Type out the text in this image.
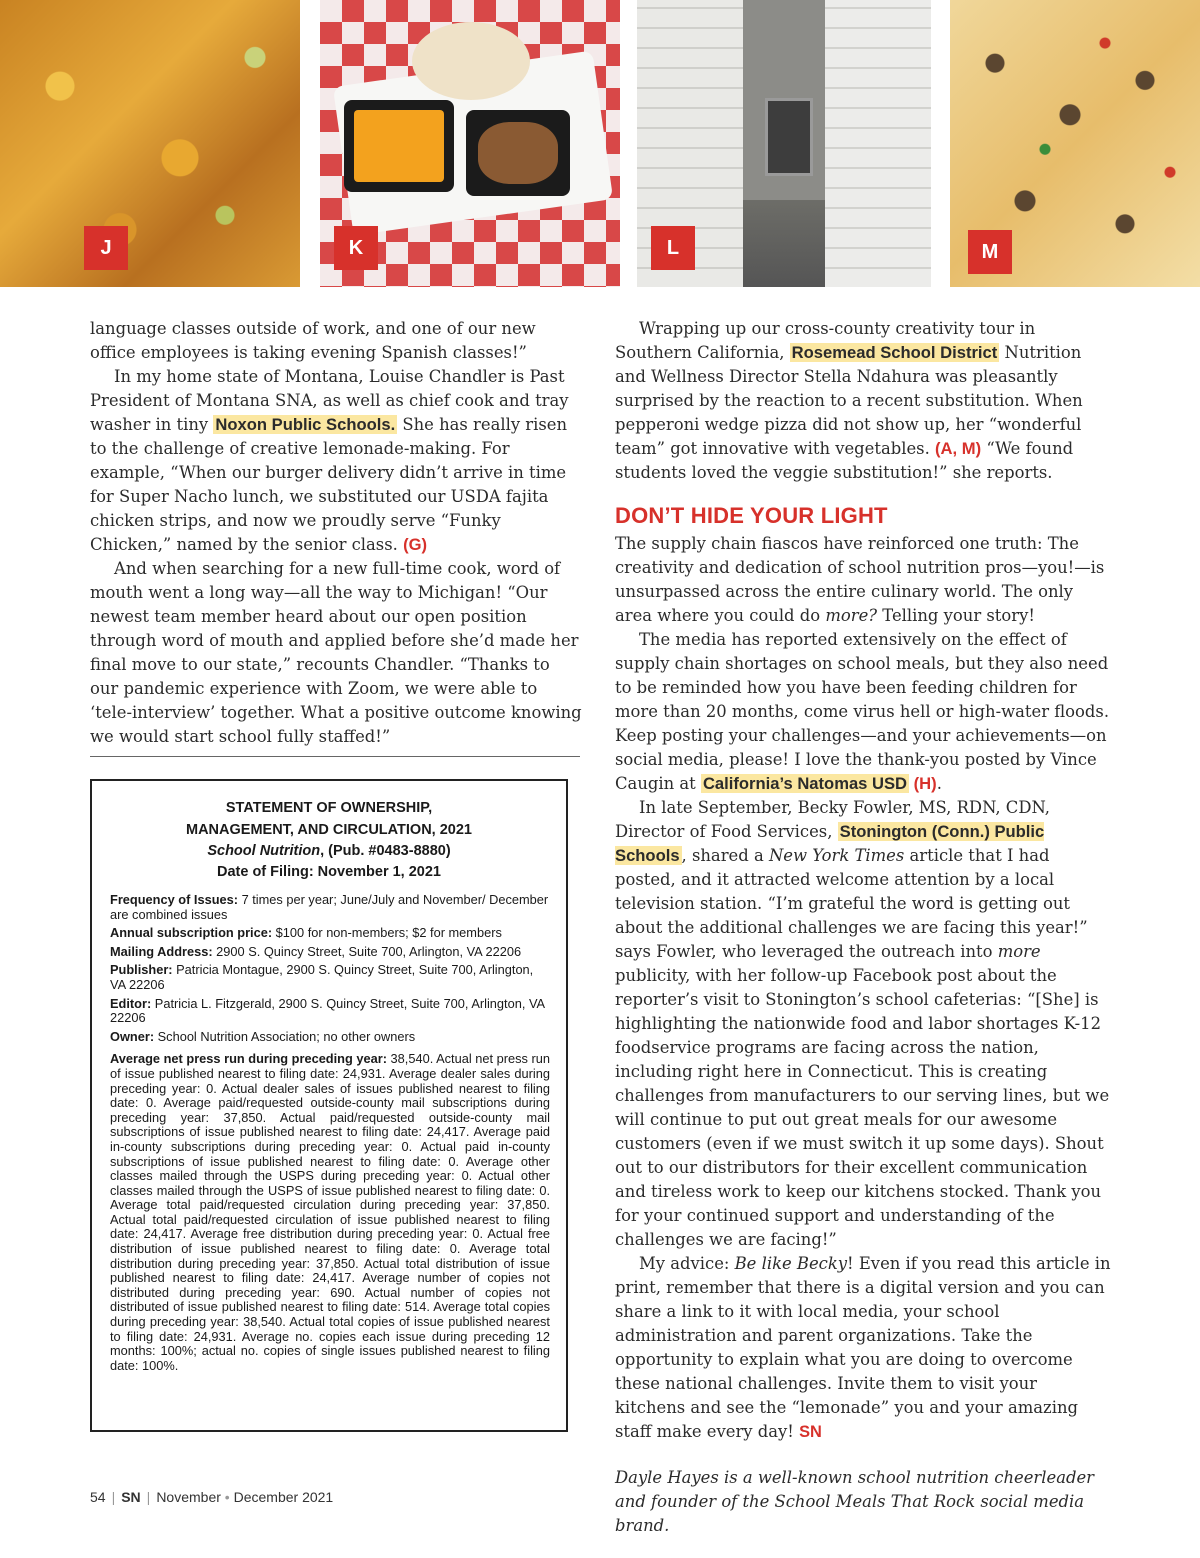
J	K	L	M

language classes outside of work, and one of our new office employees is taking evening Spanish classes!”

In my home state of Montana, Louise Chandler is Past President of Montana SNA, as well as chief cook and tray washer in tiny Noxon Public Schools. She has really risen to the challenge of creative lemonade-making. For example, “When our burger delivery didn’t arrive in time for Super Nacho lunch, we substituted our USDA fajita chicken strips, and now we proudly serve “Funky Chicken,” named by the senior class. (G)

And when searching for a new full-time cook, word of mouth went a long way—all the way to Michigan! “Our newest team member heard about our open position through word of mouth and applied before she’d made her final move to our state,” recounts Chandler. “Thanks to our pandemic experience with Zoom, we were able to ‘tele-interview’ together. What a positive outcome knowing we would start school fully staffed!”

STATEMENT OF OWNERSHIP,
MANAGEMENT, AND CIRCULATION, 2021
School Nutrition, (Pub. #0483-8880)
Date of Filing: November 1, 2021

Frequency of Issues: 7 times per year; June/July and November/ December are combined issues

Annual subscription price: $100 for non-members; $2 for members

Mailing Address: 2900 S. Quincy Street, Suite 700, Arlington, VA 22206

Publisher: Patricia Montague, 2900 S. Quincy Street, Suite 700, Arlington, VA 22206

Editor: Patricia L. Fitzgerald, 2900 S. Quincy Street, Suite 700, Arlington, VA 22206

Owner: School Nutrition Association; no other owners

Average net press run during preceding year: 38,540. Actual net press run of issue published nearest to filing date: 24,931. Average dealer sales during preceding year: 0. Actual dealer sales of issues published nearest to filing date: 0. Average paid/requested outside-county mail subscriptions during preceding year: 37,850. Actual paid/requested outside-county mail subscriptions of issue published nearest to filing date: 24,417. Average paid in-county subscriptions during preceding year: 0. Actual paid in-county subscriptions of issue published nearest to filing date: 0. Average other classes mailed through the USPS during preceding year: 0. Actual other classes mailed through the USPS of issue published nearest to filing date: 0. Average total paid/requested circulation during preceding year: 37,850. Actual total paid/requested circulation of issue published nearest to filing date: 24,417. Average free distribution during preceding year: 0. Actual free distribution of issue published nearest to filing date: 0. Average total distribution during preceding year: 37,850. Actual total distribution of issue published nearest to filing date: 24,417. Average number of copies not distributed during preceding year: 690. Actual number of copies not distributed of issue published nearest to filing date: 514. Average total copies during preceding year: 38,540. Actual total copies of issue published nearest to filing date: 24,931. Average no. copies each issue during preceding 12 months: 100%; actual no. copies of single issues published nearest to filing date: 100%.

Wrapping up our cross-county creativity tour in Southern California, Rosemead School District Nutrition and Wellness Director Stella Ndahura was pleasantly surprised by the reaction to a recent substitution. When pepperoni wedge pizza did not show up, her “wonderful team” got innovative with vegetables. (A, M) “We found students loved the veggie substitution!” she reports.

DON’T HIDE YOUR LIGHT

The supply chain fiascos have reinforced one truth: The creativity and dedication of school nutrition pros—you!—is unsurpassed across the entire culinary world. The only area where you could do more? Telling your story!

The media has reported extensively on the effect of supply chain shortages on school meals, but they also need to be reminded how you have been feeding children for more than 20 months, come virus hell or high-water floods. Keep posting your challenges—and your achievements—on social media, please! I love the thank-you posted by Vince Caugin at California’s Natomas USD (H).

In late September, Becky Fowler, MS, RDN, CDN, Director of Food Services, Stonington (Conn.) Public Schools , shared a New York Times article that I had posted, and it attracted welcome attention by a local television station. “I’m grateful the word is getting out about the additional challenges we are facing this year!” says Fowler, who leveraged the outreach into more publicity, with her follow-up Facebook post about the reporter’s visit to Stonington’s school cafeterias: “[She] is highlighting the nationwide food and labor shortages K-12 foodservice programs are facing across the nation, including right here in Connecticut. This is creating challenges from manufacturers to our serving lines, but we will continue to put out great meals for our awesome customers (even if we must switch it up some days). Shout out to our distributors for their excellent communication and tireless work to keep our kitchens stocked. Thank you for your continued support and understanding of the challenges we are facing!”

My advice: Be like Becky! Even if you read this article in print, remember that there is a digital version and you can share a link to it with local media, your school administration and parent organizations. Take the opportunity to explain what you are doing to overcome these national challenges. Invite them to visit your kitchens and see the “lemonade” you and your amazing staff make every day! SN

Dayle Hayes is a well-known school nutrition cheerleader and founder of the School Meals That Rock social media brand.

54 | SN | November • December 2021
